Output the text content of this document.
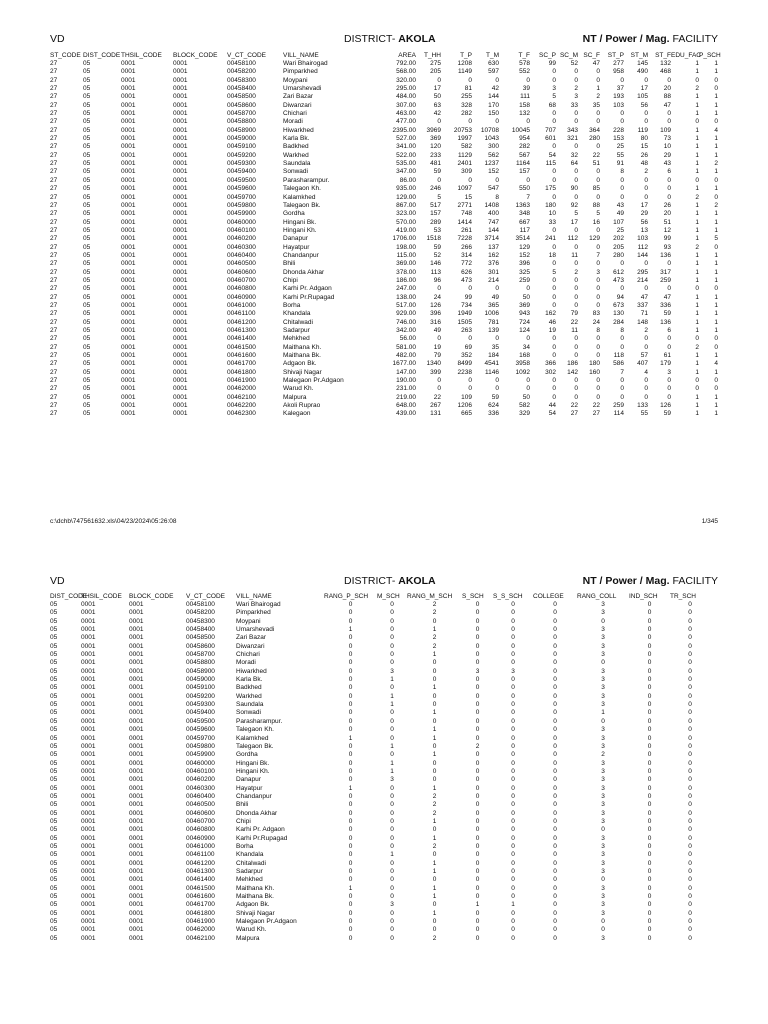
VD	DISTRICT- AKOLA	NT / Power / Mag. FACILITY
ST_CODE	DIST_CODE	THSIL_CODE	BLOCK_CODE	V_CT_CODE	VILL_NAME	AREA	T_HH	T_P	T_M	T_F	SC_P	SC_M	SC_F	ST_P	ST_M	ST_F	EDU_FAC	P_SCH
27	05	0001	0001	00458100	Wari Bhairogad	792.00	275	1208	630	578	99	52	47	277	145	132	1	1
27	05	0001	0001	00458200	Pimparkhed	568.00	205	1149	597	552	0	0	0	958	490	468	1	1
27	05	0001	0001	00458300	Moypani	320.00	0	0	0	0	0	0	0	0	0	0	0	0
27	05	0001	0001	00458400	Umarshevadi	295.00	17	81	42	39	3	2	1	37	17	20	2	0
27	05	0001	0001	00458500	Zari Bazar	484.00	50	255	144	111	5	3	2	193	105	88	1	1
27	05	0001	0001	00458600	Diwanzari	307.00	63	328	170	158	68	33	35	103	56	47	1	1
27	05	0001	0001	00458700	Chichari	463.00	42	282	150	132	0	0	0	0	0	0	1	1
27	05	0001	0001	00458800	Moradi	477.00	0	0	0	0	0	0	0	0	0	0	0	0
27	05	0001	0001	00458900	Hiwarkhed	2395.00	3969	20753	10708	10045	707	343	364	228	119	109	1	4
27	05	0001	0001	00459000	Karla Bk.	527.00	369	1997	1043	954	601	321	280	153	80	73	1	1
27	05	0001	0001	00459100	Badkhed	341.00	120	582	300	282	0	0	0	25	15	10	1	1
27	05	0001	0001	00459200	Warkhed	522.00	233	1129	562	567	54	32	22	55	26	29	1	1
27	05	0001	0001	00459300	Saundala	535.00	481	2401	1237	1164	115	64	51	91	48	43	1	2
27	05	0001	0001	00459400	Sonwadi	347.00	59	309	152	157	0	0	0	8	2	6	1	1
27	05	0001	0001	00459500	Parasharampur.	86.00	0	0	0	0	0	0	0	0	0	0	0	0
27	05	0001	0001	00459600	Talegaon Kh.	935.00	246	1097	547	550	175	90	85	0	0	0	1	1
27	05	0001	0001	00459700	Kalamkhed	129.00	5	15	8	7	0	0	0	0	0	0	2	0
27	05	0001	0001	00459800	Talegaon Bk.	867.00	517	2771	1408	1363	180	92	88	43	17	26	1	2
27	05	0001	0001	00459900	Gordha	323.00	157	748	400	348	10	5	5	49	29	20	1	1
27	05	0001	0001	00460000	Hingani Bk.	570.00	289	1414	747	667	33	17	16	107	56	51	1	1
27	05	0001	0001	00460100	Hingani Kh.	419.00	53	261	144	117	0	0	0	25	13	12	1	1
27	05	0001	0001	00460200	Danapur	1706.00	1518	7228	3714	3514	241	112	129	202	103	99	1	5
27	05	0001	0001	00460300	Hayatpur	198.00	59	266	137	129	0	0	0	205	112	93	2	0
27	05	0001	0001	00460400	Chandanpur	115.00	52	314	162	152	18	11	7	280	144	136	1	1
27	05	0001	0001	00460500	Bhili	369.00	146	772	376	396	0	0	0	0	0	0	1	1
27	05	0001	0001	00460600	Dhonda Akhar	378.00	113	626	301	325	5	2	3	612	295	317	1	1
27	05	0001	0001	00460700	Chipi	186.00	96	473	214	259	0	0	0	473	214	259	1	1
27	05	0001	0001	00460800	Karhi Pr. Adgaon	247.00	0	0	0	0	0	0	0	0	0	0	0	0
27	05	0001	0001	00460900	Karhi Pr.Rupagad	138.00	24	99	49	50	0	0	0	94	47	47	1	1
27	05	0001	0001	00461000	Borha	517.00	126	734	365	369	0	0	0	673	337	336	1	1
27	05	0001	0001	00461100	Khandala	929.00	396	1949	1006	943	162	79	83	130	71	59	1	1
27	05	0001	0001	00461200	Chitalwadi	746.00	316	1505	781	724	46	22	24	284	148	136	1	1
27	05	0001	0001	00461300	Sadarpur	342.00	49	263	139	124	19	11	8	8	2	6	1	1
27	05	0001	0001	00461400	Mehkhed	56.00	0	0	0	0	0	0	0	0	0	0	0	0
27	05	0001	0001	00461500	Maithana Kh.	581.00	19	69	35	34	0	0	0	0	0	0	2	0
27	05	0001	0001	00461600	Maithana Bk.	482.00	79	352	184	168	0	0	0	118	57	61	1	1
27	05	0001	0001	00461700	Adgaon Bk.	1677.00	1340	8499	4541	3958	366	186	180	586	407	179	1	4
27	05	0001	0001	00461800	Shivaji Nagar	147.00	399	2238	1146	1092	302	142	160	7	4	3	1	1
27	05	0001	0001	00461900	Malegaon Pr.Adgaon	190.00	0	0	0	0	0	0	0	0	0	0	0	0
27	05	0001	0001	00462000	Warud Kh.	231.00	0	0	0	0	0	0	0	0	0	0	0	0
27	05	0001	0001	00462100	Malpura	219.00	22	109	59	50	0	0	0	0	0	0	1	1
27	05	0001	0001	00462200	Akoli Ruprao	648.00	267	1206	624	582	44	22	22	259	133	126	1	1
27	05	0001	0001	00462300	Kalegaon	439.00	131	665	336	329	54	27	27	114	55	59	1	1
c:\dchb\747561632.xls\04/23/2024\05:26:08	1/345
VD	DISTRICT- AKOLA	NT / Power / Mag. FACILITY
DIST_CODE	THSIL_CODE	BLOCK_CODE	V_CT_CODE	VILL_NAME	RANG_P_SCH	M_SCH	RANG_M_SCH	S_SCH	S_S_SCH	COLLEGE	RANG_COLL	IND_SCH	TR_SCH
05	0001	0001	00458100	Wari Bhairogad	0	0	2	0	0	0	3	0	0
05	0001	0001	00458200	Pimparkhed	0	0	2	0	0	0	3	0	0
05	0001	0001	00458300	Moypani	0	0	0	0	0	0	0	0	0
05	0001	0001	00458400	Umarshevadi	1	0	1	0	0	0	3	0	0
05	0001	0001	00458500	Zari Bazar	0	0	2	0	0	0	3	0	0
05	0001	0001	00458600	Diwanzari	0	0	2	0	0	0	3	0	0
05	0001	0001	00458700	Chichari	0	0	1	0	0	0	3	0	0
05	0001	0001	00458800	Moradi	0	0	0	0	0	0	0	0	0
05	0001	0001	00458900	Hiwarkhed	0	3	0	3	3	0	3	0	0
05	0001	0001	00459000	Karla Bk.	0	1	0	0	0	0	3	0	0
05	0001	0001	00459100	Badkhed	0	0	1	0	0	0	3	0	0
05	0001	0001	00459200	Warkhed	0	1	0	0	0	0	3	0	0
05	0001	0001	00459300	Saundala	0	1	0	0	0	0	3	0	0
05	0001	0001	00459400	Sonwadi	0	0	1	0	0	0	1	0	0
05	0001	0001	00459500	Parasharampur.	0	0	0	0	0	0	0	0	0
05	0001	0001	00459600	Talegaon Kh.	0	0	1	0	0	0	3	0	0
05	0001	0001	00459700	Kalamkhed	1	0	1	0	0	0	3	0	0
05	0001	0001	00459800	Talegaon Bk.	0	1	0	2	0	0	3	0	0
05	0001	0001	00459900	Gordha	0	0	1	0	0	0	2	0	0
05	0001	0001	00460000	Hingani Bk.	0	1	0	0	0	0	3	0	0
05	0001	0001	00460100	Hingani Kh.	0	1	0	0	0	0	3	0	0
05	0001	0001	00460200	Danapur	0	3	0	0	0	0	3	0	0
05	0001	0001	00460300	Hayatpur	1	0	1	0	0	0	3	0	0
05	0001	0001	00460400	Chandanpur	0	0	2	0	0	0	3	0	0
05	0001	0001	00460500	Bhili	0	0	2	0	0	0	3	0	0
05	0001	0001	00460600	Dhonda Akhar	0	0	2	0	0	0	3	0	0
05	0001	0001	00460700	Chipi	0	0	1	0	0	0	3	0	0
05	0001	0001	00460800	Karhi Pr. Adgaon	0	0	0	0	0	0	0	0	0
05	0001	0001	00460900	Karhi Pr.Rupagad	0	0	1	0	0	0	3	0	0
05	0001	0001	00461000	Borha	0	0	2	0	0	0	3	0	0
05	0001	0001	00461100	Khandala	0	1	0	0	0	0	3	0	0
05	0001	0001	00461200	Chitalwadi	0	0	1	0	0	0	3	0	0
05	0001	0001	00461300	Sadarpur	0	0	1	0	0	0	3	0	0
05	0001	0001	00461400	Mehkhed	0	0	0	0	0	0	0	0	0
05	0001	0001	00461500	Maithana Kh.	1	0	1	0	0	0	3	0	0
05	0001	0001	00461600	Maithana Bk.	0	0	1	0	0	0	3	0	0
05	0001	0001	00461700	Adgaon Bk.	0	3	0	1	1	0	3	0	0
05	0001	0001	00461800	Shivaji Nagar	0	0	1	0	0	0	3	0	0
05	0001	0001	00461900	Malegaon Pr.Adgaon	0	0	0	0	0	0	0	0	0
05	0001	0001	00462000	Warud Kh.	0	0	0	0	0	0	0	0	0
05	0001	0001	00462100	Malpura	0	0	2	0	0	0	3	0	0
